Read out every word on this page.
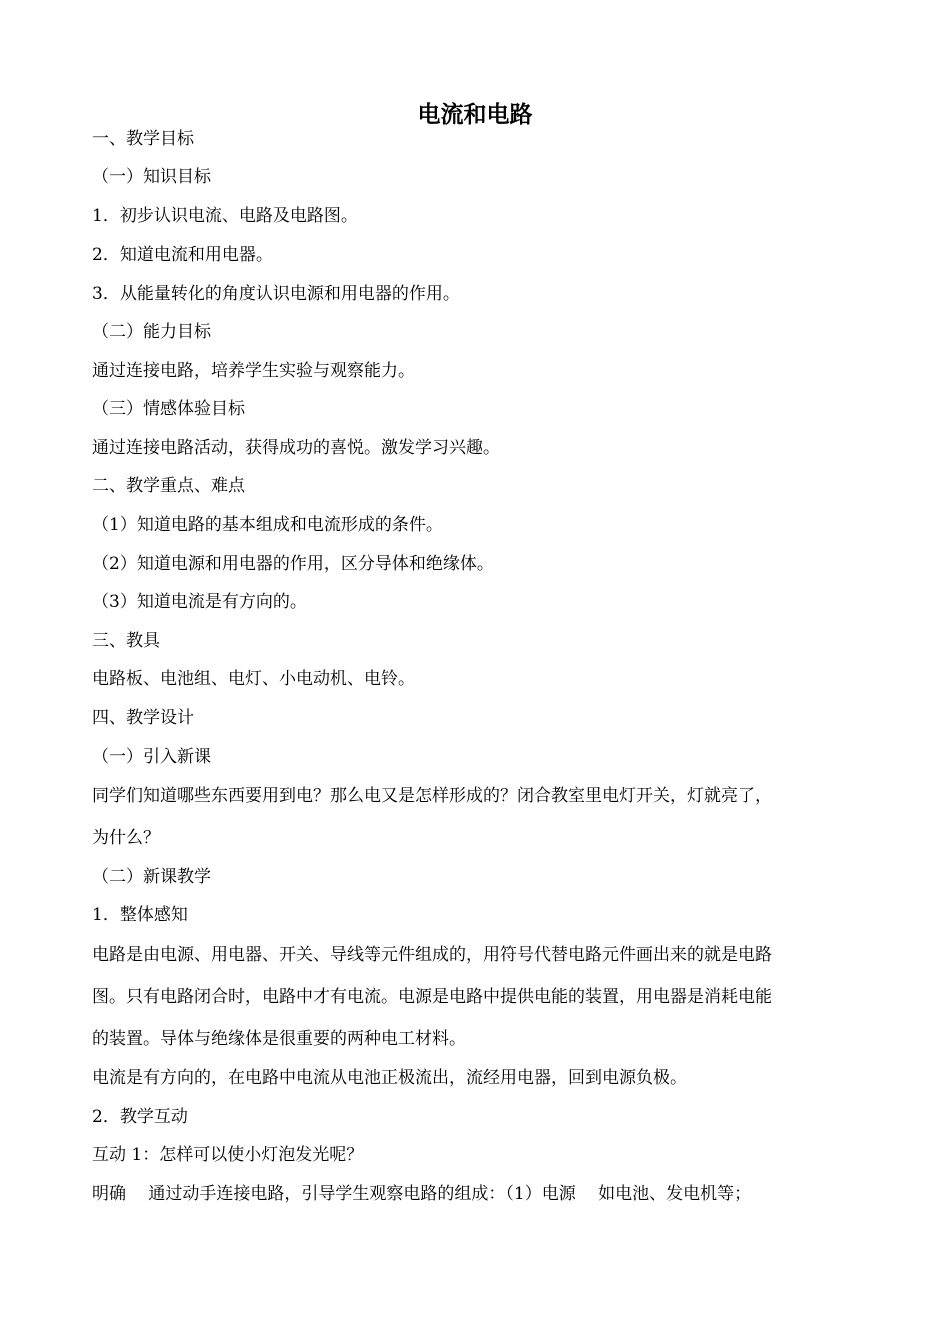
电流和电路
一、教学目标
（一）知识目标
1．初步认识电流、电路及电路图。
2．知道电流和用电器。
3．从能量转化的角度认识电源和用电器的作用。
（二）能力目标
通过连接电路，培养学生实验与观察能力。
（三）情感体验目标
通过连接电路活动，获得成功的喜悦。激发学习兴趣。
二、教学重点、难点
（1）知道电路的基本组成和电流形成的条件。
（2）知道电源和用电器的作用，区分导体和绝缘体。
（3）知道电流是有方向的。
三、教具
电路板、电池组、电灯、小电动机、电铃。
四、教学设计
（一）引入新课
同学们知道哪些东西要用到电？那么电又是怎样形成的？闭合教室里电灯开关，灯就亮了，
为什么？
（二）新课教学
1．整体感知
电路是由电源、用电器、开关、导线等元件组成的，用符号代替电路元件画出来的就是电路
图。只有电路闭合时，电路中才有电流。电源是电路中提供电能的装置，用电器是消耗电能
的装置。导体与绝缘体是很重要的两种电工材料。
电流是有方向的，在电路中电流从电池正极流出，流经用电器，回到电源负极。
2．教学互动
互动 1：怎样可以使小灯泡发光呢？
明确　 通过动手连接电路，引导学生观察电路的组成：（1）电源　 如电池、发电机等；
